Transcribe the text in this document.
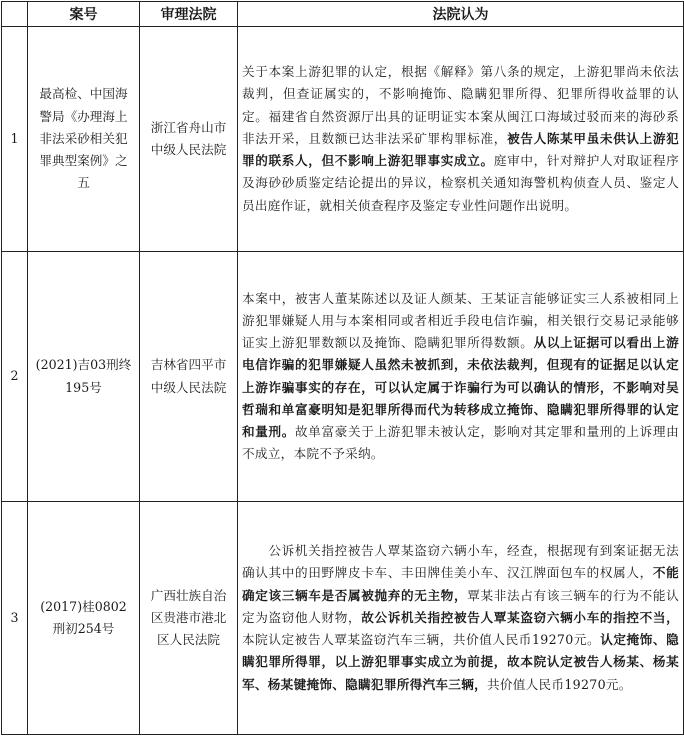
	案号	审理法院	法院认为
1	最高检、中国海警局《办理海上非法采砂相关犯罪典型案例》之五	浙江省舟山市中级人民法院	关于本案上游犯罪的认定，根据《解释》第八条的规定，上游犯罪尚未依法裁判，但查证属实的，不影响掩饰、隐瞒犯罪所得、犯罪所得收益罪的认定。福建省自然资源厅出具的证明证实本案从闽江口海域过驳而来的海砂系非法开采，且数额已达非法采矿罪构罪标准，被告人陈某甲虽未供认上游犯罪的联系人，但不影响上游犯罪事实成立。庭审中，针对辩护人对取证程序及海砂砂质鉴定结论提出的异议，检察机关通知海警机构侦查人员、鉴定人员出庭作证，就相关侦查程序及鉴定专业性问题作出说明。
2	(2021)吉03刑终195号	吉林省四平市中级人民法院	本案中，被害人董某陈述以及证人颜某、王某证言能够证实三人系被相同上游犯罪嫌疑人用与本案相同或者相近手段电信诈骗，相关银行交易记录能够证实上游犯罪数额以及掩饰、隐瞒犯罪所得数额。从以上证据可以看出上游电信诈骗的犯罪嫌疑人虽然未被抓到，未依法裁判，但现有的证据足以认定上游诈骗事实的存在，可以认定属于诈骗行为可以确认的情形，不影响对吴哲瑞和单富豪明知是犯罪所得而代为转移成立掩饰、隐瞒犯罪所得罪的认定和量刑。故单富豪关于上游犯罪未被认定，影响对其定罪和量刑的上诉理由不成立，本院不予采纳。
3	(2017)桂0802刑初254号	广西壮族自治区贵港市港北区人民法院	公诉机关指控被告人覃某盗窃六辆小车，经查，根据现有到案证据无法确认其中的田野牌皮卡车、丰田牌佳美小车、汉江牌面包车的权属人，不能确定该三辆车是否属被抛弃的无主物，覃某非法占有该三辆车的行为不能认定为盗窃他人财物，故公诉机关指控被告人覃某盗窃六辆小车的指控不当，本院认定被告人覃某盗窃汽车三辆，共价值人民币19270元。认定掩饰、隐瞒犯罪所得罪，以上游犯罪事实成立为前提，故本院认定被告人杨某、杨某军、杨某键掩饰、隐瞒犯罪所得汽车三辆，共价值人民币19270元。
